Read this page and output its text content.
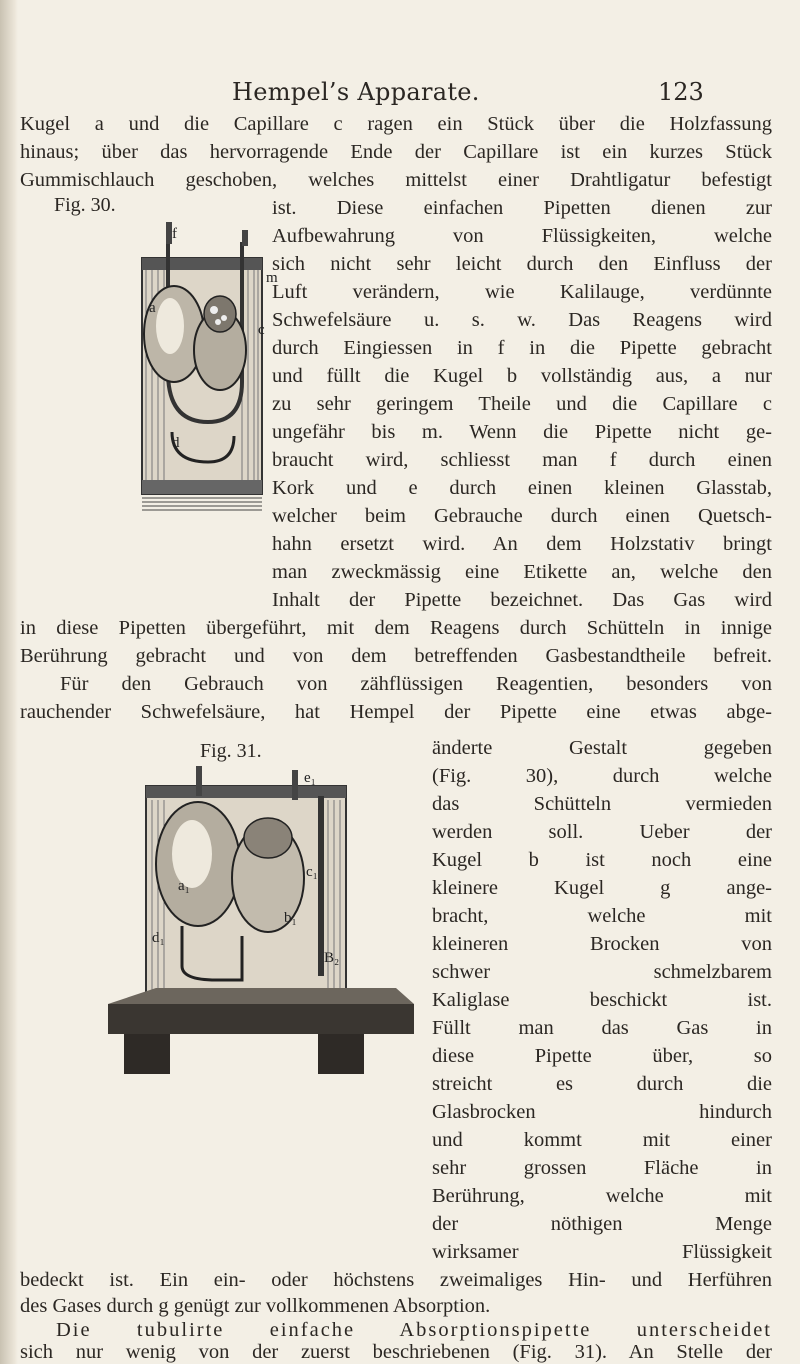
Hempel’s Apparate.	123
Kugel a und die Capillare c ragen ein Stück über die Holzfassung
hinaus; über das hervorragende Ende der Capillare ist ein kurzes Stück
Gummischlauch geschoben, welches mittelst einer Drahtligatur befestigt
Fig. 30.
f
m
a
c
d
ist. Diese einfachen Pipetten dienen zur
Aufbewahrung von Flüssigkeiten, welche
sich nicht sehr leicht durch den Einfluss der
Luft verändern, wie Kalilauge, verdünnte
Schwefelsäure u. s. w. Das Reagens wird
durch Eingiessen in f in die Pipette gebracht
und füllt die Kugel b vollständig aus, a nur
zu sehr geringem Theile und die Capillare c
ungefähr bis m. Wenn die Pipette nicht ge-
braucht wird, schliesst man f durch einen
Kork und e durch einen kleinen Glasstab,
welcher beim Gebrauche durch einen Quetsch-
hahn ersetzt wird. An dem Holzstativ bringt
man zweckmässig eine Etikette an, welche den
Inhalt der Pipette bezeichnet. Das Gas wird
in diese Pipetten übergeführt, mit dem Reagens durch Schütteln in innige
Berührung gebracht und von dem betreffenden Gasbestandtheile befreit.
Für den Gebrauch von zähflüssigen Reagentien, besonders von
rauchender Schwefelsäure, hat Hempel der Pipette eine etwas abge-
Fig. 31.
e₁
a₁
b₁
c₁
d₁
B₂
änderte Gestalt gegeben
(Fig. 30), durch welche
das Schütteln vermieden
werden soll. Ueber der
Kugel b ist noch eine
kleinere Kugel g ange-
bracht, welche mit
kleineren Brocken von
schwer schmelzbarem
Kaliglase beschickt ist.
Füllt man das Gas in
diese Pipette über, so
streicht es durch die
Glasbrocken hindurch
und kommt mit einer
sehr grossen Fläche in
Berührung, welche mit
der nöthigen Menge
wirksamer Flüssigkeit
bedeckt ist. Ein ein- oder höchstens zweimaliges Hin- und Herführen
des Gases durch g genügt zur vollkommenen Absorption.
Die tubulirte einfache Absorptionspipette unterscheidet
sich nur wenig von der zuerst beschriebenen (Fig. 31). An Stelle der
